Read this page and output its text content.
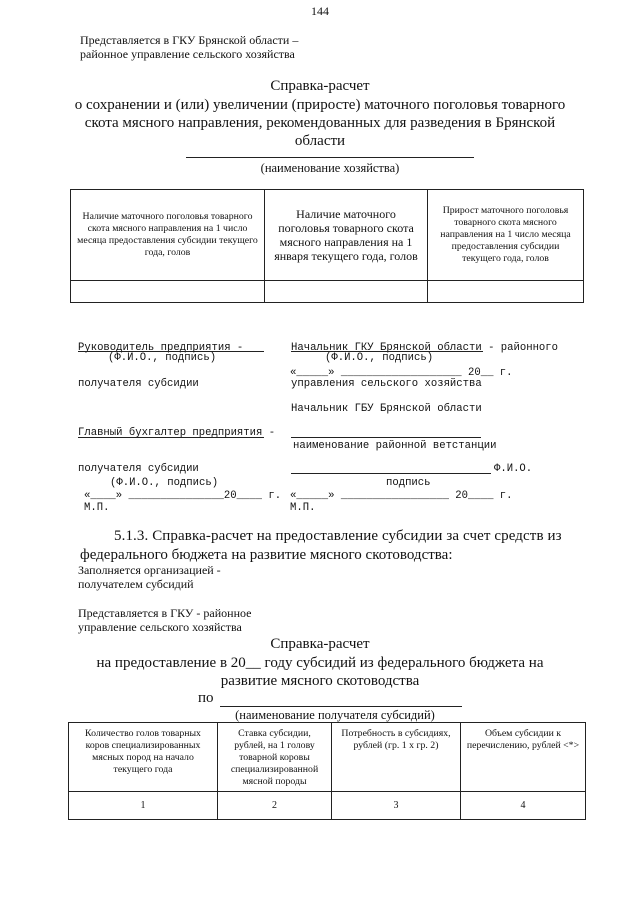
144
Представляется в ГКУ Брянской области –
районное управление сельского хозяйства
Справка-расчет
о сохранении и (или) увеличении (приросте) маточного поголовья товарного
скота мясного направления, рекомендованных для разведения в Брянской
области
(наименование хозяйства)
Наличие маточного поголовья товарного скота мясного направления на 1 число месяца предоставления субсидии текущего года, голов	Наличие маточного поголовья товарного скота мясного направления на 1 января текущего года, голов	Прирост маточного поголовья товарного скота мясного направления на 1 число месяца предоставления субсидии текущего года, голов

Руководитель предприятия -

получателя субсидии

Начальник ГКУ Брянской области - районного

управления сельского хозяйства

(Ф.И.О., подпись)	(Ф.И.О., подпись)
«_____» ___________________ 20__ г.

Главный бухгалтер предприятия -

получателя субсидии

Начальник ГБУ Брянской области
наименование районной ветстанции
Ф.И.О.
(Ф.И.О., подпись)	подпись
«____» _______________20____ г. «_____» _________________ 20____ г.
М.П.	М.П.
5.1.3. Справка-расчет на предоставление субсидии за счет средств из
федерального бюджета на развитие мясного скотоводства:
Заполняется организацией -
получателем субсидий
Представляется в ГКУ - районное
управление сельского хозяйства
Справка-расчет
на предоставление в 20__ году субсидий из федерального бюджета на
развитие мясного скотоводства
по
(наименование получателя субсидий)
Количество голов товарных коров специализированных мясных пород на начало текущего года	Ставка субсидии, рублей, на 1 голову товарной коровы специализированной мясной породы	Потребность в субсидиях, рублей (гр. 1 x гр. 2)	Объем субсидии к перечислению, рублей <*>
1	2	3	4
